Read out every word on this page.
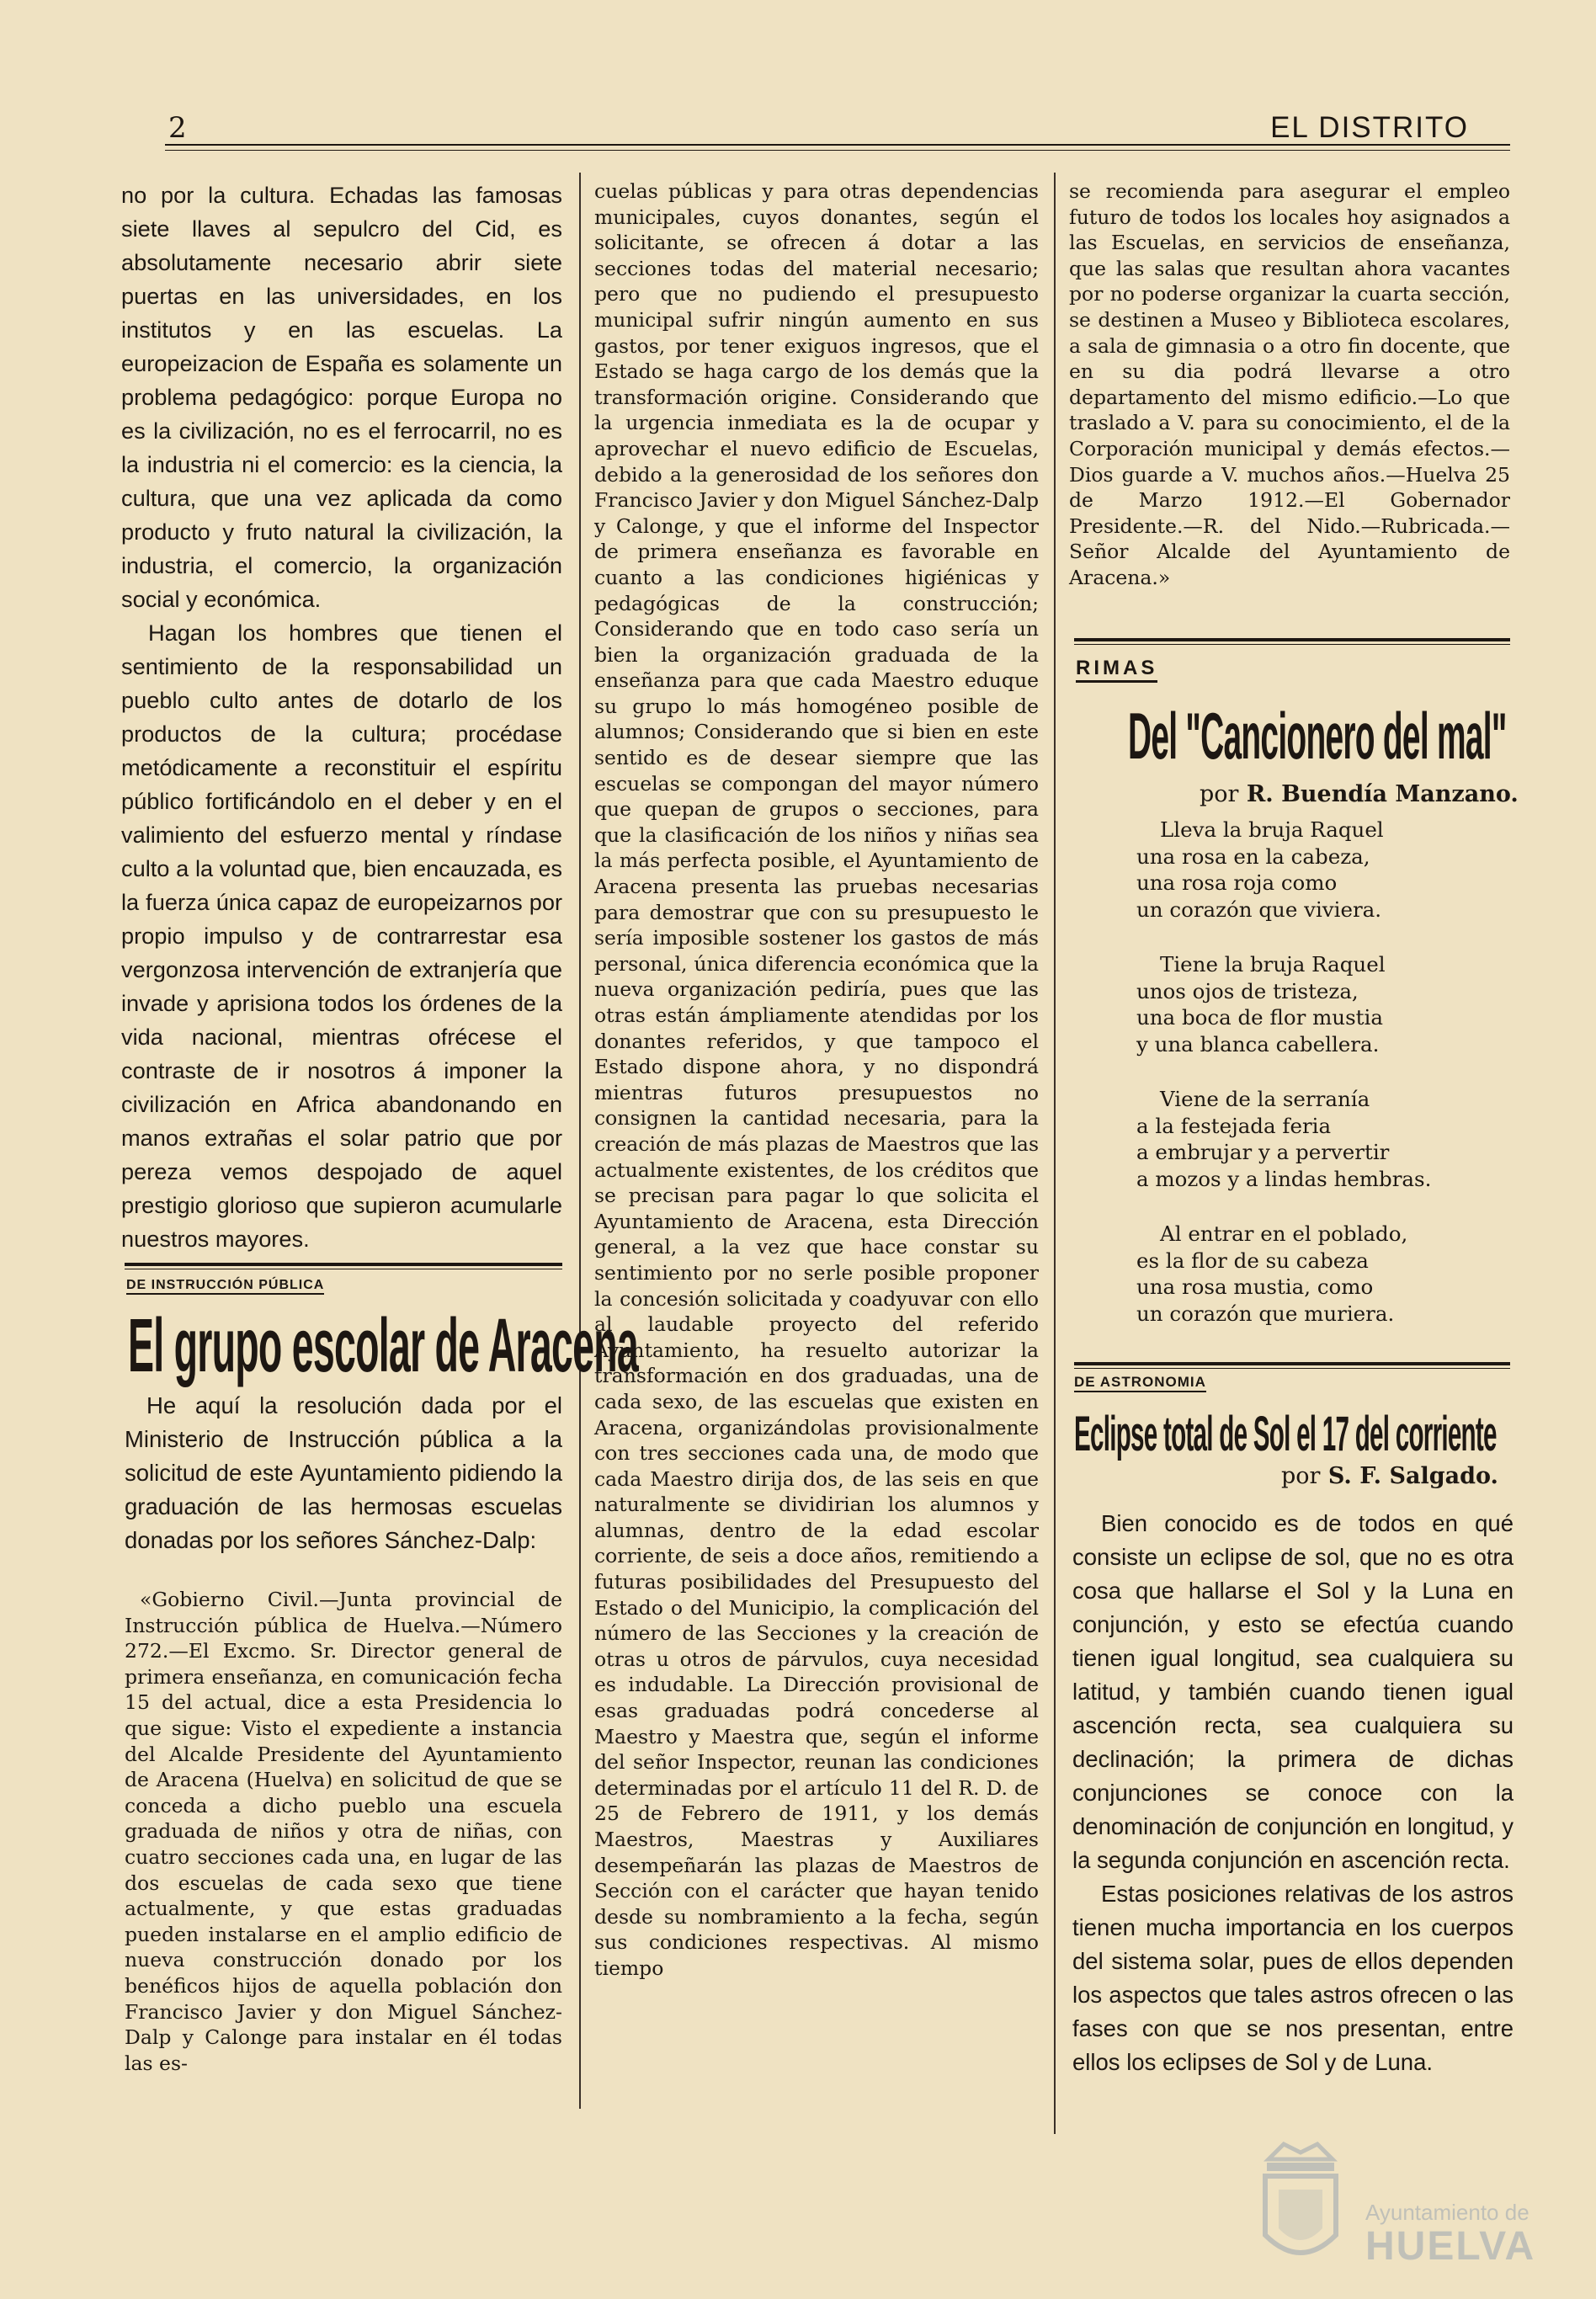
2	EL DISTRITO

no por la cultura. Echadas las famosas siete llaves al sepulcro del Cid, es absolutamente necesario abrir siete puertas en las universidades, en los institutos y en las escuelas. La europeizacion de España es solamente un problema pedagógico: porque Europa no es la civilización, no es el ferrocarril, no es la industria ni el comercio: es la ciencia, la cultura, que una vez aplicada da como producto y fruto natural la civilización, la industria, el comercio, la organización social y económica.

Hagan los hombres que tienen el sentimiento de la responsabilidad un pueblo culto antes de dotarlo de los productos de la cultura; procédase metódicamente a reconstituir el espíritu público fortificándolo en el deber y en el valimiento del esfuerzo mental y ríndase culto a la voluntad que, bien encauzada, es la fuerza única capaz de europeizarnos por propio impulso y de contrarrestar esa vergonzosa intervención de extranjería que invade y aprisiona todos los órdenes de la vida nacional, mientras ofrécese el contraste de ir nosotros á imponer la civilización en Africa abandonando en manos extrañas el solar patrio que por pereza vemos despojado de aquel prestigio glorioso que supieron acumularle nuestros mayores.

DE INSTRUCCIÓN PÚBLICA
El grupo escolar de Aracena

He aquí la resolución dada por el Ministerio de Instrucción pública a la solicitud de este Ayuntamiento pidiendo la graduación de las hermosas escuelas donadas por los señores Sánchez-Dalp:

«Gobierno Civil.—Junta provincial de Instrucción pública de Huelva.—Número 272.—El Excmo. Sr. Director general de primera enseñanza, en comunicación fecha 15 del actual, dice a esta Presidencia lo que sigue: Visto el expediente a instancia del Alcalde Presidente del Ayuntamiento de Aracena (Huelva) en solicitud de que se conceda a dicho pueblo una escuela graduada de niños y otra de niñas, con cuatro secciones cada una, en lugar de las dos escuelas de cada sexo que tiene actualmente, y que estas graduadas pueden instalarse en el amplio edificio de nueva construcción donado por los benéficos hijos de aquella población don Francisco Javier y don Miguel Sánchez-Dalp y Calonge para instalar en él todas las es-

cuelas públicas y para otras dependencias municipales, cuyos donantes, según el solicitante, se ofrecen á dotar a las secciones todas del material necesario; pero que no pudiendo el presupuesto municipal sufrir ningún aumento en sus gastos, por tener exiguos ingresos, que el Estado se haga cargo de los demás que la transformación origine. Considerando que la urgencia inmediata es la de ocupar y aprovechar el nuevo edificio de Escuelas, debido a la generosidad de los señores don Francisco Javier y don Miguel Sánchez-Dalp y Calonge, y que el informe del Inspector de primera enseñanza es favorable en cuanto a las condiciones higiénicas y pedagógicas de la construcción; Considerando que en todo caso sería un bien la organización graduada de la enseñanza para que cada Maestro eduque su grupo lo más homogéneo posible de alumnos; Considerando que si bien en este sentido es de desear siempre que las escuelas se compongan del mayor número que quepan de grupos o secciones, para que la clasificación de los niños y niñas sea la más perfecta posible, el Ayuntamiento de Aracena presenta las pruebas necesarias para demostrar que con su presupuesto le sería imposible sostener los gastos de más personal, única diferencia económica que la nueva organización pediría, pues que las otras están ámpliamente atendidas por los donantes referidos, y que tampoco el Estado dispone ahora, y no dispondrá mientras futuros presupuestos no consignen la cantidad necesaria, para la creación de más plazas de Maestros que las actualmente existentes, de los créditos que se precisan para pagar lo que solicita el Ayuntamiento de Aracena, esta Dirección general, a la vez que hace constar su sentimiento por no serle posible proponer la concesión solicitada y coadyuvar con ello al laudable proyecto del referido Ayuntamiento, ha resuelto autorizar la transformación en dos graduadas, una de cada sexo, de las escuelas que existen en Aracena, organizándolas provisionalmente con tres secciones cada una, de modo que cada Maestro dirija dos, de las seis en que naturalmente se dividirian los alumnos y alumnas, dentro de la edad escolar corriente, de seis a doce años, remitiendo a futuras posibilidades del Presupuesto del Estado o del Municipio, la complicación del número de las Secciones y la creación de otras u otros de párvulos, cuya necesidad es indudable. La Dirección provisional de esas graduadas podrá concederse al Maestro y Maestra que, según el informe del señor Inspector, reunan las condiciones determinadas por el artículo 11 del R. D. de 25 de Febrero de 1911, y los demás Maestros, Maestras y Auxiliares desempeñarán las plazas de Maestros de Sección con el carácter que hayan tenido desde su nombramiento a la fecha, según sus condiciones respectivas. Al mismo tiempo

se recomienda para asegurar el empleo futuro de todos los locales hoy asignados a las Escuelas, en servicios de enseñanza, que las salas que resultan ahora vacantes por no poderse organizar la cuarta sección, se destinen a Museo y Biblioteca escolares, a sala de gimnasia o a otro fin docente, que en su dia podrá llevarse a otro departamento del mismo edificio.—Lo que traslado a V. para su conocimiento, el de la Corporación municipal y demás efectos.—Dios guarde a V. muchos años.—Huelva 25 de Marzo 1912.—El Gobernador Presidente.—R. del Nido.—Rubricada.—Señor Alcalde del Ayuntamiento de Aracena.»

RIMAS
Del "Cancionero del mal"
por R. Buendía Manzano.
Lleva la bruja Raquel
una rosa en la cabeza,
una rosa roja como
un corazón que viviera.
Tiene la bruja Raquel
unos ojos de tristeza,
una boca de flor mustia
y una blanca cabellera.
Viene de la serranía
a la festejada feria
a embrujar y a pervertir
a mozos y a lindas hembras.
Al entrar en el poblado,
es la flor de su cabeza
una rosa mustia, como
un corazón que muriera.
DE ASTRONOMIA
Eclipse total de Sol el 17 del corriente
por S. F. Salgado.

Bien conocido es de todos en qué consiste un eclipse de sol, que no es otra cosa que hallarse el Sol y la Luna en conjunción, y esto se efectúa cuando tienen igual longitud, sea cualquiera su latitud, y también cuando tienen igual ascención recta, sea cualquiera su declinación; la primera de dichas conjunciones se conoce con la denominación de conjunción en longitud, y la segunda conjunción en ascención recta.

Estas posiciones relativas de los astros tienen mucha importancia en los cuerpos del sistema solar, pues de ellos dependen los aspectos que tales astros ofrecen o las fases con que se nos presentan, entre ellos los eclipses de Sol y de Luna.

Ayuntamiento de
HUELVA
